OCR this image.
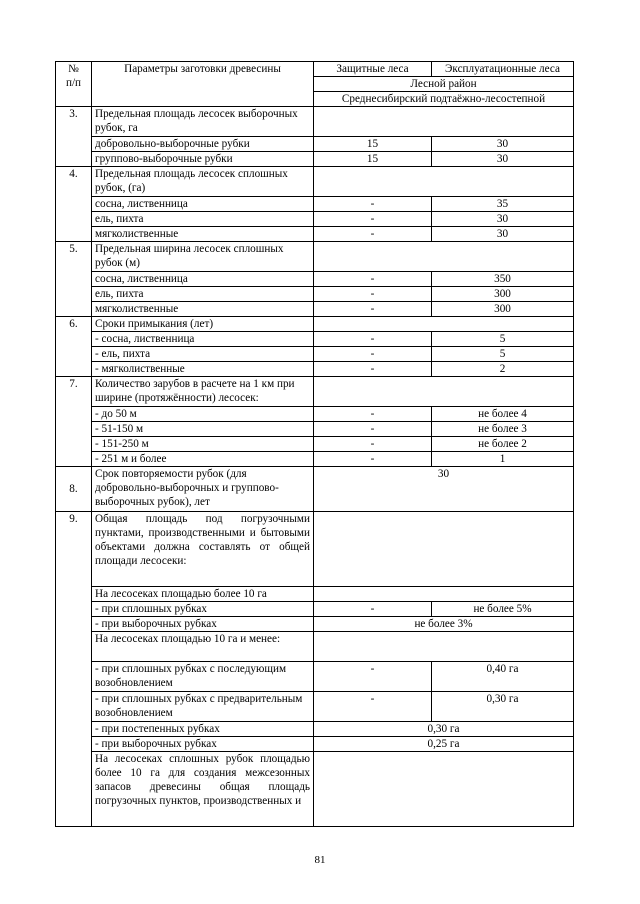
№
п/п	Параметры заготовки древесины	Защитные леса	Эксплуатационные леса
		Лесной район	
		Среднесибирский подтаёжно-лесостепной	
3.	Предельная площадь лесосек выборочных рубок, га		
	добровольно-выборочные рубки	15	30
	группово-выборочные рубки	15	30
4.	Предельная площадь лесосек сплошных рубок, (га)		
	сосна, лиственница	-	35
	ель, пихта	-	30
	мягколиственные	-	30
5.	Предельная ширина лесосек сплошных рубок (м)		
	сосна, лиственница	-	350
	ель, пихта	-	300
	мягколиственные	-	300
6.	Сроки примыкания (лет)		
	- сосна, лиственница	-	5
	- ель, пихта	-	5
	- мягколиственные	-	2
7.	Количество зарубов в расчете на 1 км при ширине (протяжённости) лесосек:		
	- до 50 м	-	не более 4
	- 51-150 м	-	не более 3
	- 151-250 м	-	не более 2
	- 251 м и более	-	1
8.	Срок повторяемости рубок (для добровольно-выборочных и группово-выборочных рубок), лет	30	
9.	Общая площадь под погрузочными пунктами, производственными и бытовыми объектами должна составлять от общей площади лесосеки:		
	На лесосеках площадью более 10 га		
	- при сплошных рубках	-	не более 5%
	- при выборочных рубках	не более 3%	
	На лесосеках площадью 10 га и менее:		
	- при сплошных рубках с последующим возобновлением	-	0,40 га
	- при сплошных рубках с предварительным возобновлением	-	0,30 га
	- при постепенных рубках	0,30 га	
	- при выборочных рубках	0,25 га	
	На лесосеках сплошных рубок площадью более 10 га для создания межсезонных запасов древесины общая площадь погрузочных пунктов, производственных и		
81
